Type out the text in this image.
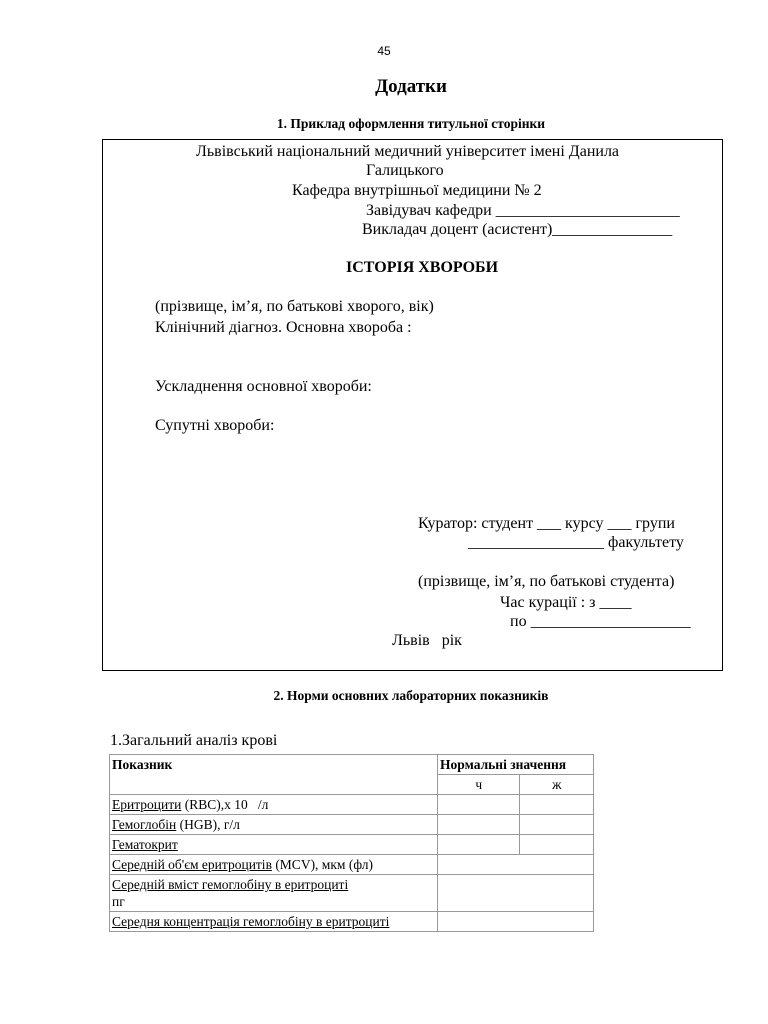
45
Додатки
1. Приклад оформлення титульної сторінки
Львівський національний медичний університет імені Данила
Галицького
Кафедра внутрішньої медицини № 2
Завідувач кафедри _______________________
Викладач доцент (асистент)_______________
ІСТОРІЯ ХВОРОБИ
(прізвище, ім’я, по батькові хворого, вік)
Клінічний діагноз. Основна хвороба :
Ускладнення основної хвороби:
Супутні хвороби:
Куратор: студент ___ курсу ___ групи
_________________ факультету
(прізвище, ім’я, по батькові студента)
Час курації : з ____
по ____________________
Львів   рік
2. Норми основних лабораторних показників
1.Загальний аналіз крові
Показник	Нормальні значення	
	ч	ж
Еритроцити (RBC),х 10   /л		
Гемоглобін (HGB), г/л		
Гематокрит		
Середній об'єм еритроцитів (MCV), мкм (фл)		
Середній вміст гемоглобіну в еритроциті
пг		
Середня концентрація гемоглобіну в еритроциті		
